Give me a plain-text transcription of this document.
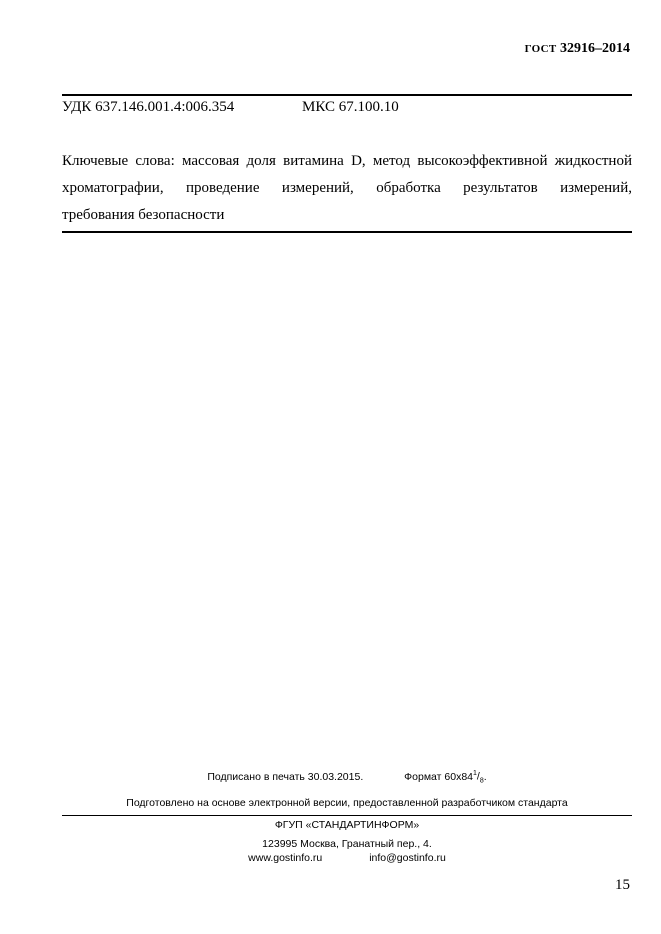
ГОСТ 32916–2014
УДК 637.146.001.4:006.354	МКС 67.100.10
Ключевые слова: массовая доля витамина D, метод высокоэффективной жидкостной
хроматографии, проведение измерений, обработка результатов измерений,
требования безопасности
Подписано в печать 30.03.2015.	Формат $60x84^1/_8$.
Подготовлено на основе электронной версии, предоставленной разработчиком стандарта
ФГУП «СТАНДАРТИНФОРМ»
123995 Москва, Гранатный пер., 4.
www.gostinfo.ru	info@gostinfo.ru
15
